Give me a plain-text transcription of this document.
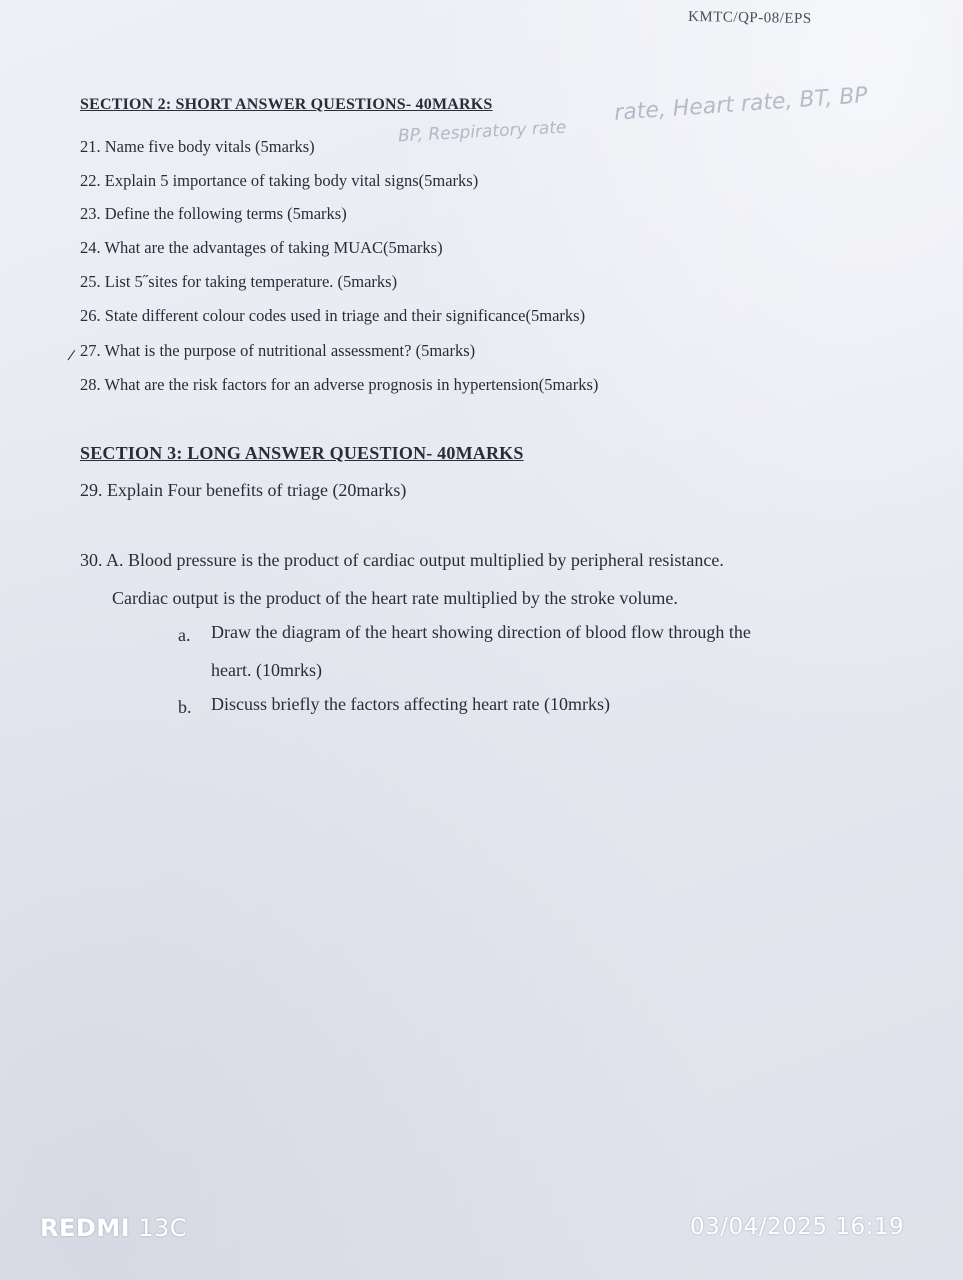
KMTC/QP-08/EPS
rate, Heart rate, BT, BP
BP, Respiratory rate
SECTION 2: SHORT ANSWER QUESTIONS- 40MARKS
21. Name five body vitals (5marks)
22. Explain 5 importance of taking body vital signs(5marks)
23. Define the following terms (5marks)
24. What are the advantages of taking MUAC(5marks)
25. List 5˝sites for taking temperature. (5marks)
26. State different colour codes used in triage and their significance(5marks)
27. What is the purpose of nutritional assessment? (5marks)
28. What are the risk factors for an adverse prognosis in hypertension(5marks)
SECTION 3: LONG ANSWER QUESTION- 40MARKS
29. Explain Four benefits of triage (20marks)
30. A. Blood pressure is the product of cardiac output multiplied by peripheral resistance.
Cardiac output is the product of the heart rate multiplied by the stroke volume.
a. Draw the diagram of the heart showing direction of blood flow through the
heart. (10mrks)
b. Discuss briefly the factors affecting heart rate (10mrks)
REDMI 13C	03/04/2025 16:19
